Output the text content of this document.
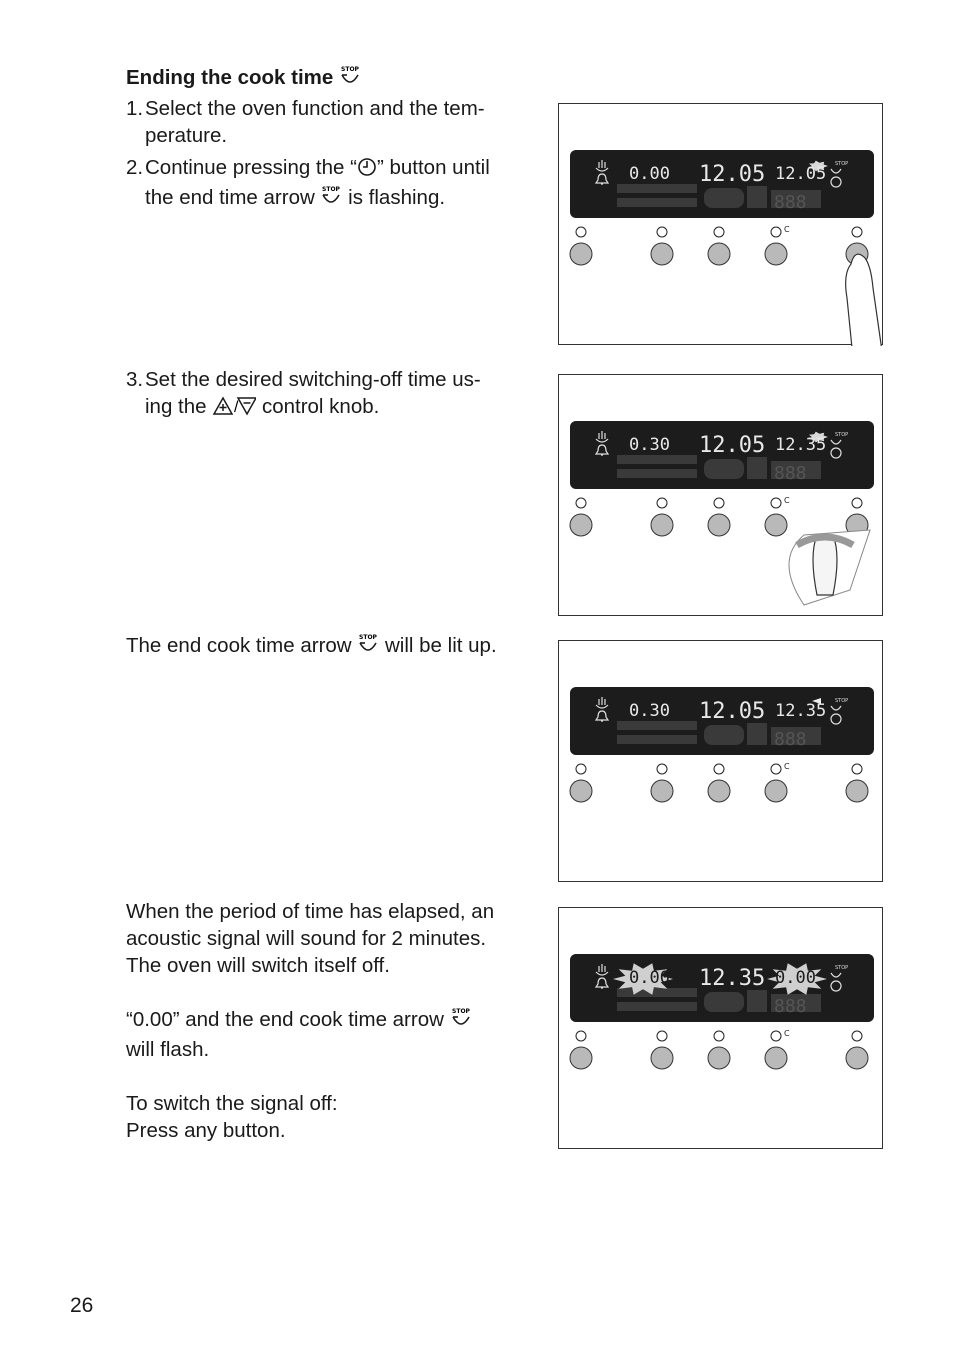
Ending the cook time STOP

1. Select the oven function and the tem-
perature.
2. Continue pressing the “ ” button until
the end time arrow STOP is flashing.
3. Set the desired switching-off time us-
ing the / control knob.

The end cook time arrow STOP will be lit up.

When the period of time has elapsed, an
acoustic signal will sound for 2 minutes.
The oven will switch itself off.
“0.00” and the end cook time arrow STOP
will flash.
To switch the signal off:
Press any button.
888
0.00 12.05 12.05 STOP
C
888
0.30 12.05 12.35 STOP
C
888
0.30 12.05 12.35 STOP
C
888
0.00 12.35 0.00	STOP
C
26
